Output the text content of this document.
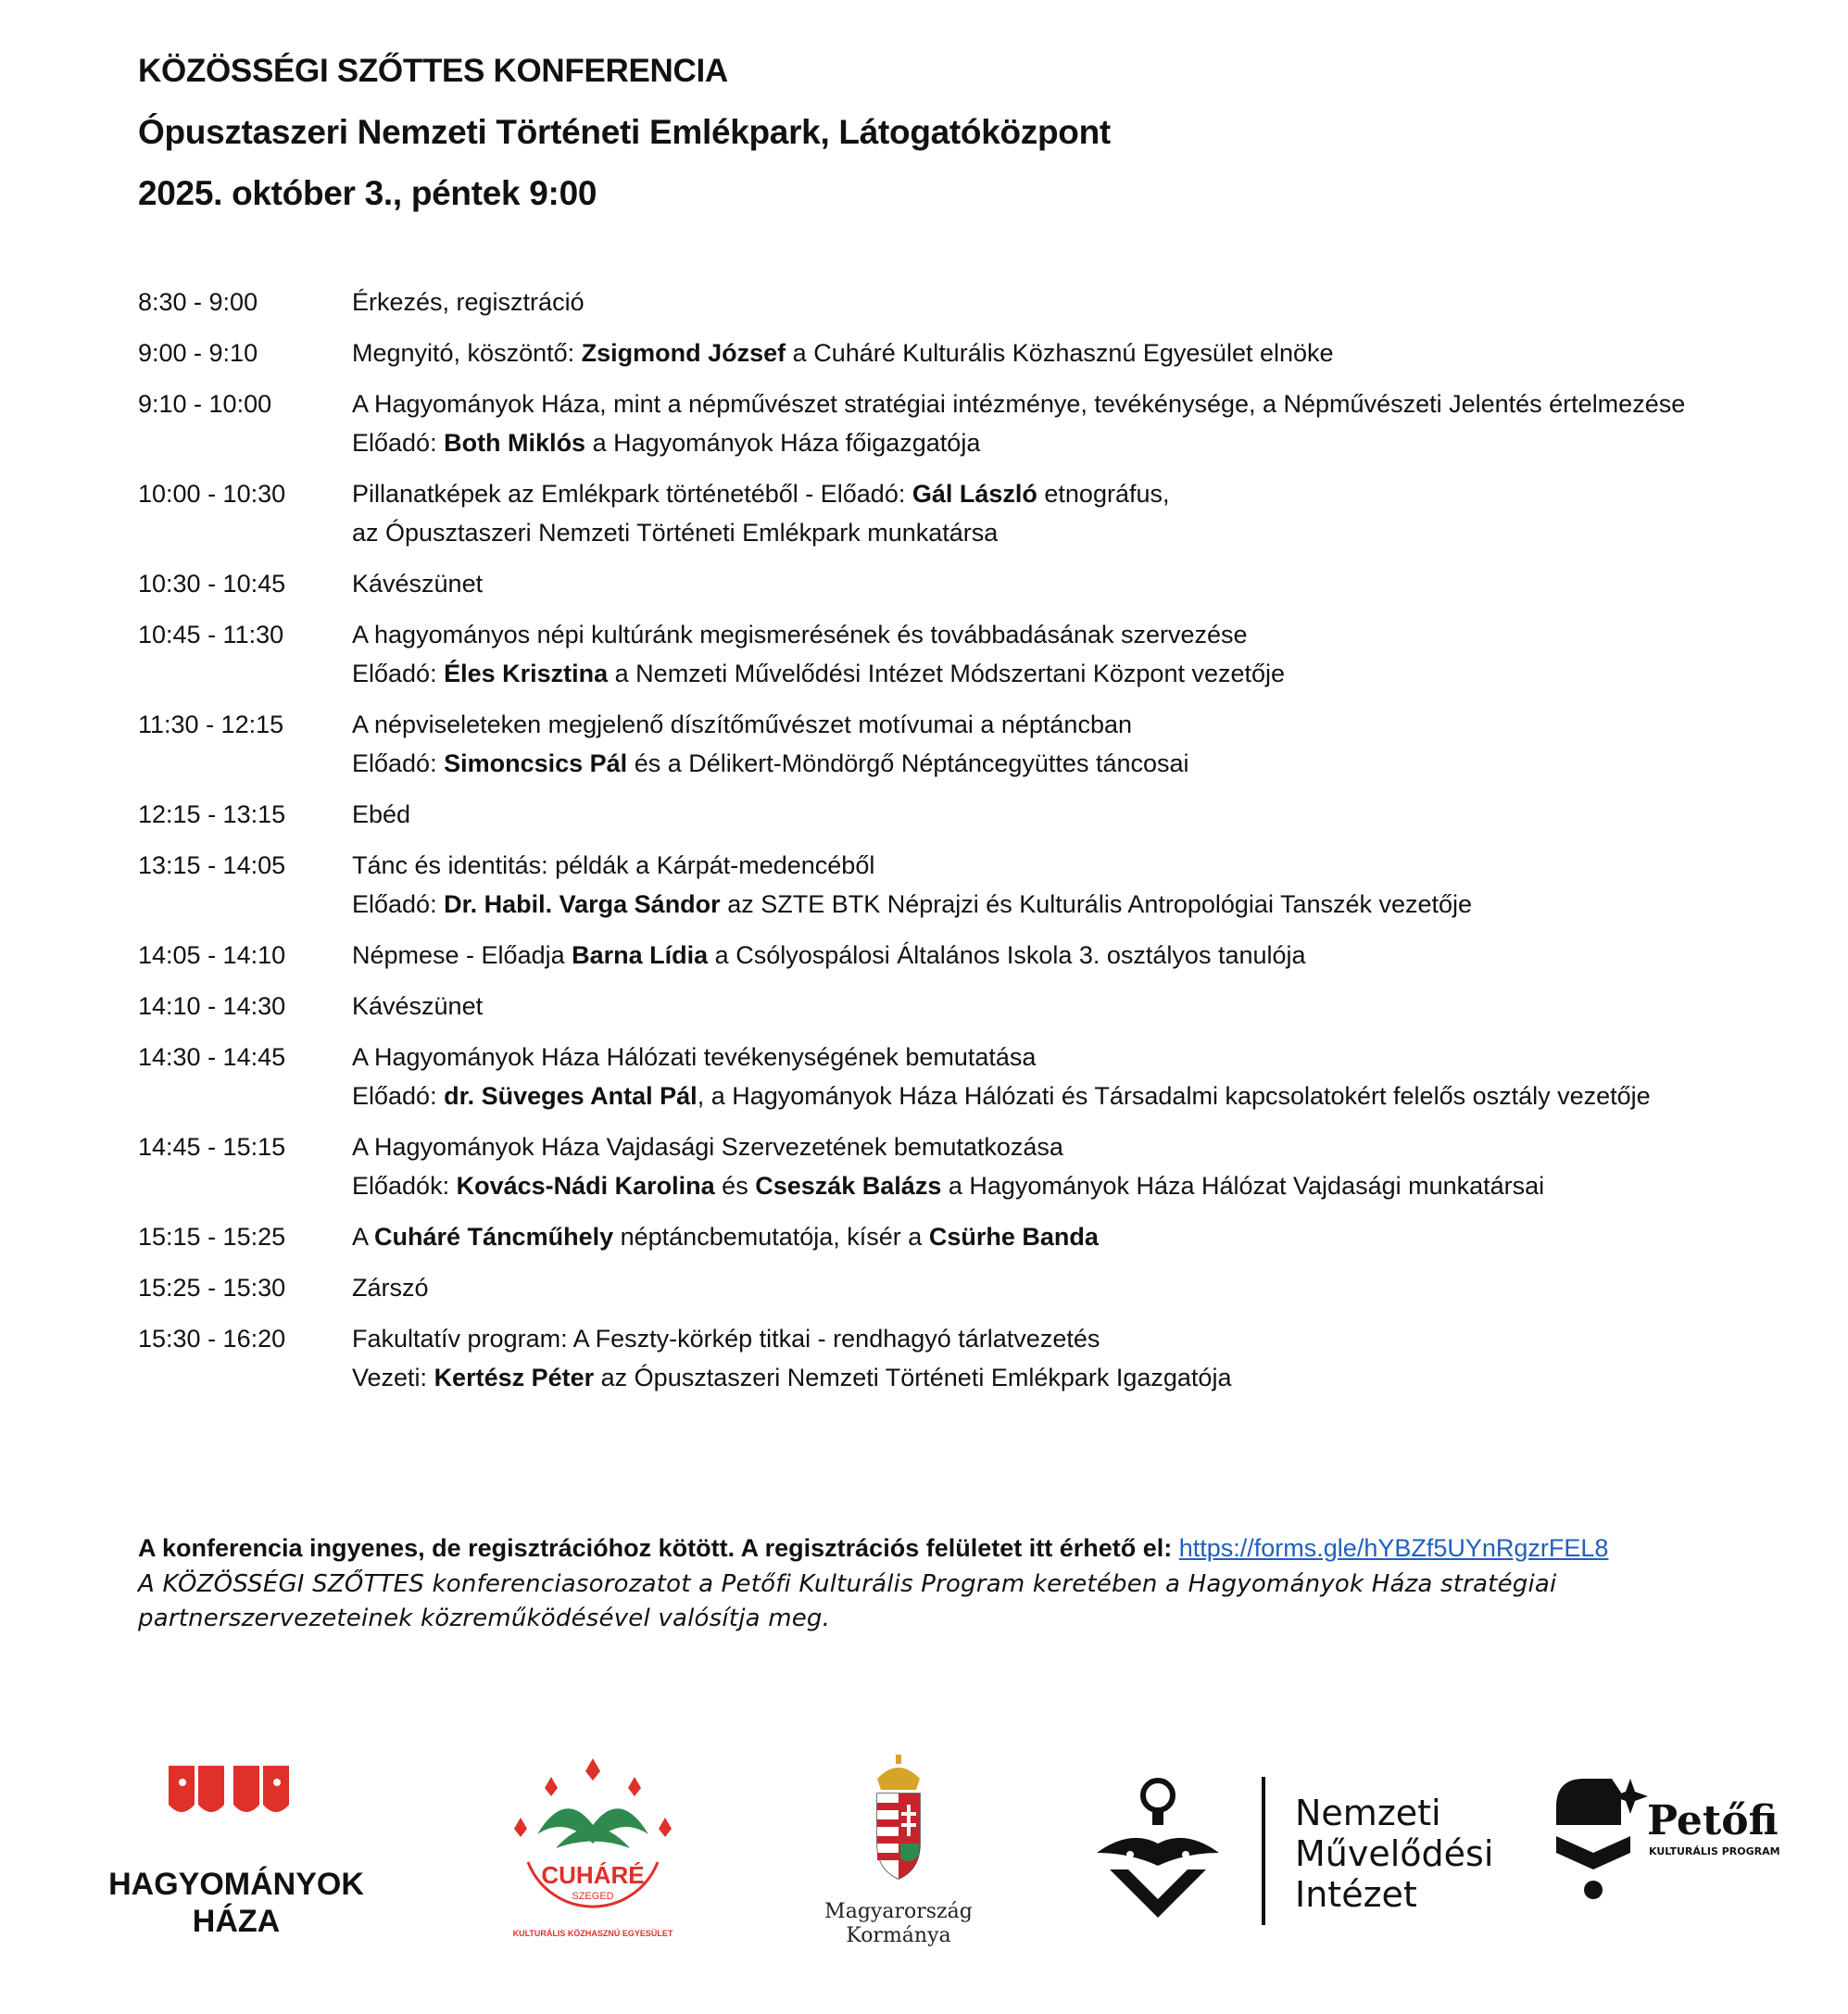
KÖZÖSSÉGI SZŐTTES KONFERENCIA
Ópusztaszeri Nemzeti Történeti Emlékpark, Látogatóközpont
2025. október 3., péntek 9:00
8:30 - 9:00	Érkezés, regisztráció
9:00 - 9:10	Megnyitó, köszöntő: Zsigmond József a Cuháré Kulturális Közhasznú Egyesület elnöke
9:10 - 10:00	A Hagyományok Háza, mint a népművészet stratégiai intézménye, tevékénysége, a Népművészeti Jelentés értelmezése
Előadó: Both Miklós a Hagyományok Háza főigazgatója
10:00 - 10:30	Pillanatképek az Emlékpark történetéből - Előadó: Gál László etnográfus,
az Ópusztaszeri Nemzeti Történeti Emlékpark munkatársa
10:30 - 10:45	Kávészünet
10:45 - 11:30	A hagyományos népi kultúránk megismerésének és továbbadásának szervezése
Előadó: Éles Krisztina a Nemzeti Művelődési Intézet Módszertani Központ vezetője
11:30 - 12:15	A népviseleteken megjelenő díszítőművészet motívumai a néptáncban
Előadó: Simoncsics Pál és a Délikert-Möndörgő Néptáncegyüttes táncosai
12:15 - 13:15	Ebéd
13:15 - 14:05	Tánc és identitás: példák a Kárpát-medencéből
Előadó: Dr. Habil. Varga Sándor az SZTE BTK Néprajzi és Kulturális Antropológiai Tanszék vezetője
14:05 - 14:10	Népmese - Előadja Barna Lídia a Csólyospálosi Általános Iskola 3. osztályos tanulója
14:10 - 14:30	Kávészünet
14:30 - 14:45	A Hagyományok Háza Hálózati tevékenységének bemutatása
Előadó: dr. Süveges Antal Pál, a Hagyományok Háza Hálózati és Társadalmi kapcsolatokért felelős osztály vezetője
14:45 - 15:15	A Hagyományok Háza Vajdasági Szervezetének bemutatkozása
Előadók: Kovács-Nádi Karolina és Cseszák Balázs a Hagyományok Háza Hálózat Vajdasági munkatársai
15:15 - 15:25	A Cuháré Táncműhely néptáncbemutatója, kísér a Csürhe Banda
15:25 - 15:30	Zárszó
15:30 - 16:20	Fakultatív program: A Feszty-körkép titkai - rendhagyó tárlatvezetés
Vezeti: Kertész Péter az Ópusztaszeri Nemzeti Történeti Emlékpark Igazgatója
A konferencia ingyenes, de regisztrációhoz kötött. A regisztrációs felületet itt érhető el: https://forms.gle/hYBZf5UYnRgzrFEL8
A KÖZÖSSÉGI SZŐTTES konferenciasorozatot a Petőfi Kulturális Program keretében a Hagyományok Háza stratégiai
partnerszervezeteinek közreműködésével valósítja meg.
HAGYOMÁNYOK
HÁZA
CUHÁRÉ
SZEGED
KULTURÁLIS KÖZHASZNÚ EGYESÜLET
Magyarország
Kormánya
Nemzeti
Művelődési
Intézet
Petőfi
KULTURÁLIS PROGRAM
